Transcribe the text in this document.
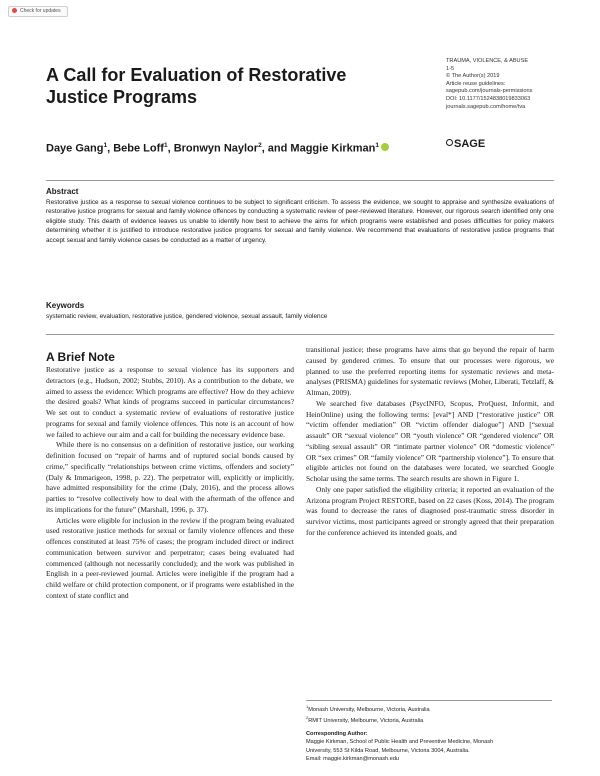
Check for updates
TRAUMA, VIOLENCE, & ABUSE
1-5
© The Author(s) 2019
Article reuse guidelines:
sagepub.com/journals-permissions
DOI: 10.1177/1524838019833063
journals.sagepub.com/home/tva
SAGE
A Call for Evaluation of Restorative Justice Programs
Daye Gang$^1$, Bebe Loff$^1$, Bronwyn Naylor$^2$, and Maggie Kirkman$^1$
Abstract

Restorative justice as a response to sexual violence continues to be subject to significant criticism. To assess the evidence, we sought to appraise and synthesize evaluations of restorative justice programs for sexual and family violence offences by conducting a systematic review of peer-reviewed literature. However, our rigorous search identified only one eligible study. This dearth of evidence leaves us unable to identify how best to achieve the aims for which programs were established and poses difficulties for policy makers determining whether it is justified to introduce restorative justice programs for sexual and family violence. We recommend that evaluations of restorative justice programs that accept sexual and family violence cases be conducted as a matter of urgency.

Keywords
systematic review, evaluation, restorative justice, gendered violence, sexual assault, family violence
A Brief Note

Restorative justice as a response to sexual violence has its supporters and detractors (e.g., Hudson, 2002; Stubbs, 2010). As a contribution to the debate, we aimed to assess the evidence: Which programs are effective? How do they achieve the desired goals? What kinds of programs succeed in particular circumstances? We set out to conduct a systematic review of evaluations of restorative justice programs for sexual and family violence offences. This note is an account of how we failed to achieve our aim and a call for building the necessary evidence base.

While there is no consensus on a definition of restorative justice, our working definition focused on “repair of harms and of ruptured social bonds caused by crime,” specifically “relationships between crime victims, offenders and society” (Daly & Immarigeon, 1998, p. 22). The perpetrator will, explicitly or implicitly, have admitted responsibility for the crime (Daly, 2016), and the process allows parties to “resolve collectively how to deal with the aftermath of the offence and its implications for the future” (Marshall, 1996, p. 37).

Articles were eligible for inclusion in the review if the program being evaluated used restorative justice methods for sexual or family violence offences and these offences constituted at least 75% of cases; the program included direct or indirect communication between survivor and perpetrator; cases being evaluated had commenced (although not necessarily concluded); and the work was published in English in a peer-reviewed journal. Articles were ineligible if the program had a child welfare or child protection component, or if programs were established in the context of state conflict and

transitional justice; these programs have aims that go beyond the repair of harm caused by gendered crimes. To ensure that our processes were rigorous, we planned to use the preferred reporting items for systematic reviews and meta-analyses (PRISMA) guidelines for systematic reviews (Moher, Liberati, Tetzlaff, & Altman, 2009).

We searched five databases (PsycINFO, Scopus, ProQuest, Informit, and HeinOnline) using the following terms: [eval*] AND [“restorative justice” OR “victim offender mediation” OR “victim offender dialogue”] AND [“sexual assault” OR “sexual violence” OR “youth violence” OR “gendered violence” OR “sibling sexual assault” OR “intimate partner violence” OR “domestic violence” OR “sex crimes” OR “family violence” OR “partnership violence”]. To ensure that eligible articles not found on the databases were located, we searched Google Scholar using the same terms. The search results are shown in Figure 1.

Only one paper satisfied the eligibility criteria; it reported an evaluation of the Arizona program Project RESTORE, based on 22 cases (Koss, 2014). The program was found to decrease the rates of diagnosed post-traumatic stress disorder in survivor victims, most participants agreed or strongly agreed that their preparation for the conference achieved its intended goals, and

$^1$Monash University, Melbourne, Victoria, Australia
$^2$RMIT University, Melbourne, Victoria, Australia
Corresponding Author:
Maggie Kirkman, School of Public Health and Preventive Medicine, Monash
University, 553 St Kilda Road, Melbourne, Victoria 3004, Australia.
Email: maggie.kirkman@monash.edu
